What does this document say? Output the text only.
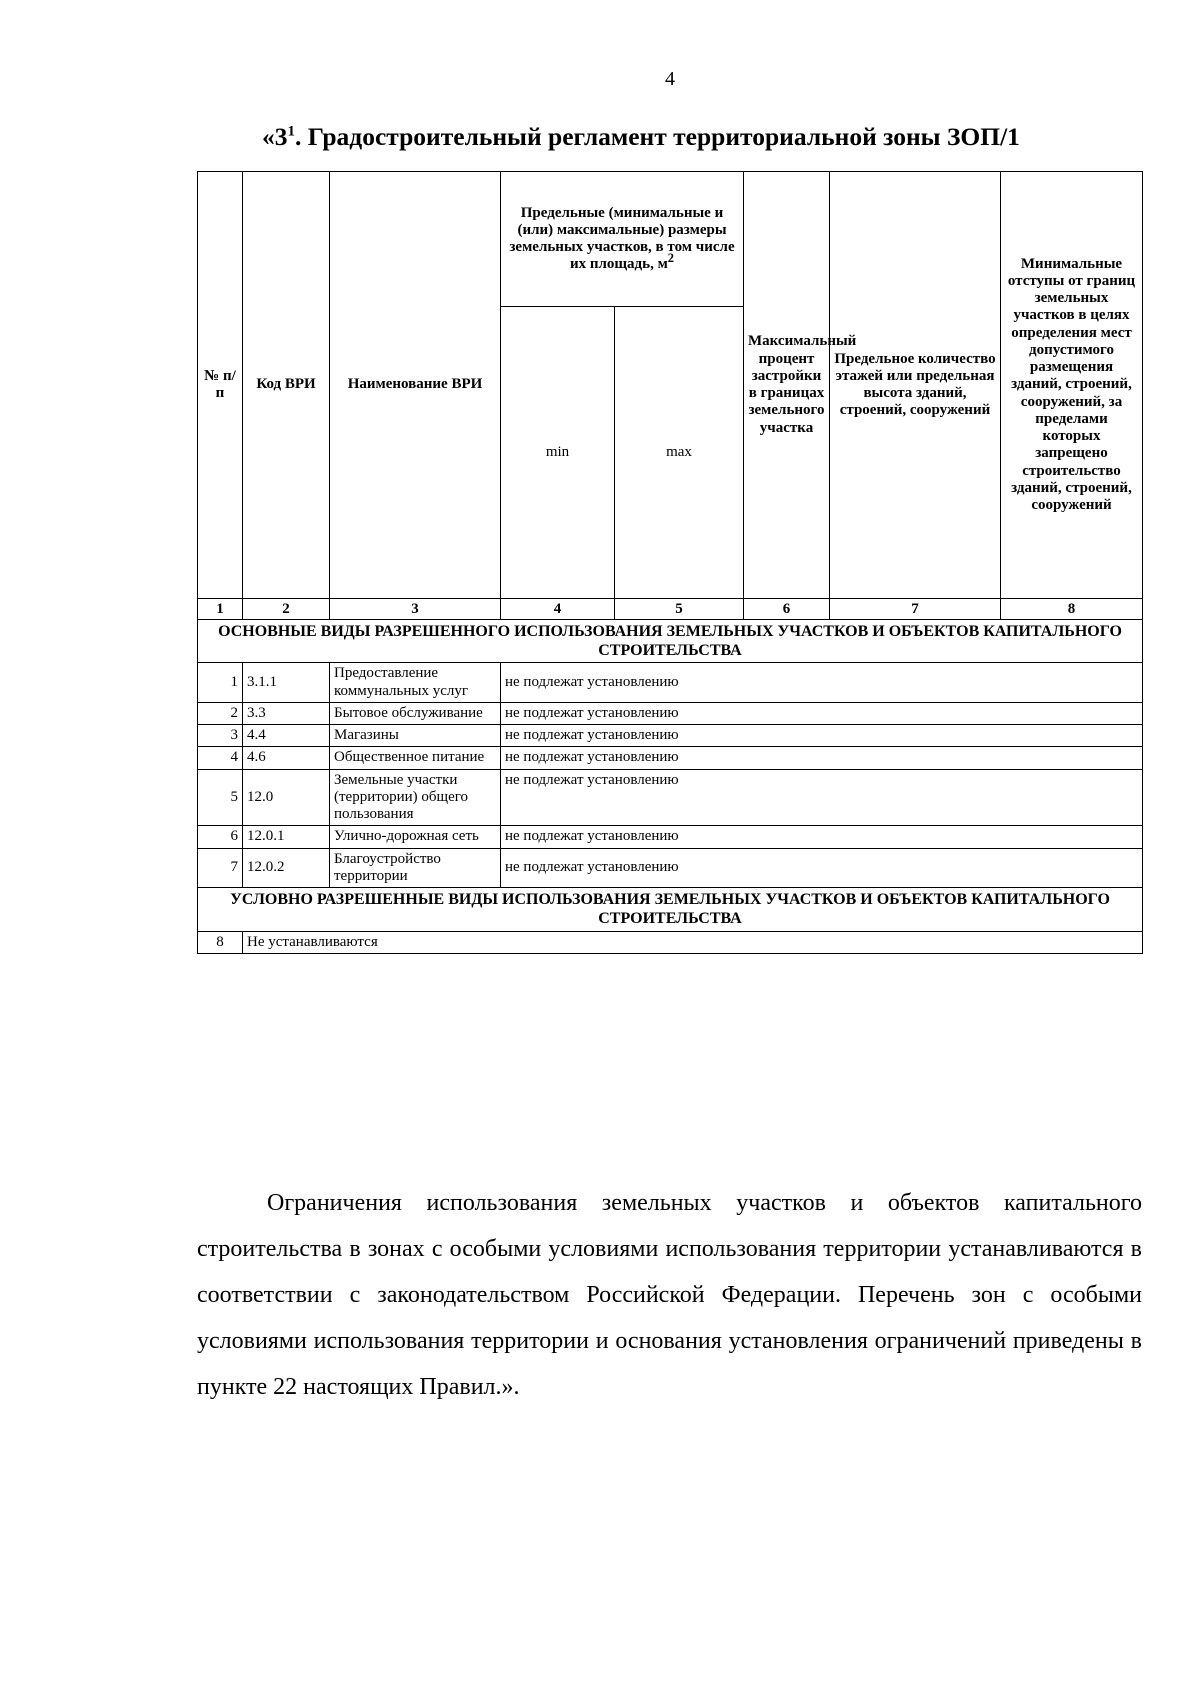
4
«$3^1$. Градостроительный регламент территориальной зоны ЗОП/1
№ п/п	Код ВРИ	Наименование ВРИ	Предельные (минимальные и (или) максимальные) размеры земельных участков, в том числе их площадь, $м^2$		Максимальный процент застройки в границах земельного участка	Предельное количество этажей или предельная высота зданий, строений, сооружений	Минимальные отступы от границ земельных участков в целях определения мест допустимого размещения зданий, строений, сооружений, за пределами которых запрещено строительство зданий, строений, сооружений
			min	max			
1	2	3	4	5	6	7	8
ОСНОВНЫЕ ВИДЫ РАЗРЕШЕННОГО ИСПОЛЬЗОВАНИЯ ЗЕМЕЛЬНЫХ УЧАСТКОВ И ОБЪЕКТОВ КАПИТАЛЬНОГО СТРОИТЕЛЬСТВА							
1	3.1.1	Предоставление коммунальных услуг	не подлежат установлению				
2	3.3	Бытовое обслуживание	не подлежат установлению				
3	4.4	Магазины	не подлежат установлению				
4	4.6	Общественное питание	не подлежат установлению				
5	12.0	Земельные участки (территории) общего пользования	не подлежат установлению				
6	12.0.1	Улично-дорожная сеть	не подлежат установлению				
7	12.0.2	Благоустройство территории	не подлежат установлению				
УСЛОВНО РАЗРЕШЕННЫЕ ВИДЫ ИСПОЛЬЗОВАНИЯ ЗЕМЕЛЬНЫХ УЧАСТКОВ И ОБЪЕКТОВ КАПИТАЛЬНОГО СТРОИТЕЛЬСТВА							
8	Не устанавливаются						

Ограничения использования земельных участков и объектов капитального строительства в зонах с особыми условиями использования территории устанавливаются в соответствии с законодательством Российской Федерации. Перечень зон с особыми условиями использования территории и основания установления ограничений приведены в пункте 22 настоящих Правил.».
